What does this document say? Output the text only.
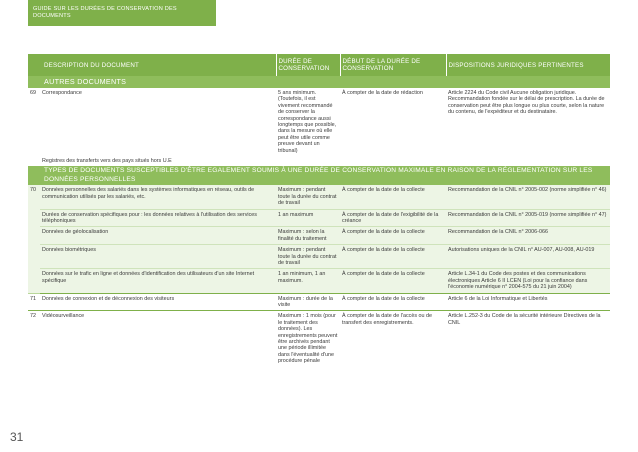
GUIDE SUR LES DURÉES DE CONSERVATION DES DOCUMENTS
DESCRIPTION DU DOCUMENT		DURÉE DE CONSERVATION	DÉBUT DE LA DURÉE DE CONSERVATION	DISPOSITIONS JURIDIQUES PERTINENTES
	AUTRES DOCUMENTS			
69	Correspondance	5 ans minimum. (Toutefois, il est vivement recommandé de conserver la correspondance aussi longtemps que possible, dans la mesure où elle peut être utile comme preuve devant un tribunal)	À compter de la date de rédaction	Article 2224 du Code civil Aucune obligation juridique. Recommandation fondée sur le délai de prescription. La durée de conservation peut être plus longue ou plus courte, selon la nature du contenu, de l'expéditeur et du destinataire.
	Registres des transferts vers des pays situés hors U.E			
	TYPES DE DOCUMENTS SUSCEPTIBLES D'ÊTRE EGALEMENT SOUMIS À UNE DURÉE DE CONSERVATION MAXIMALE EN RAISON DE LA RÉGLEMENTATION SUR LES DONNÉES PERSONNELLES			
70	Données personnelles des salariés dans les systèmes informatiques en réseau, outils de communication utilisés par les salariés, etc.	Maximum : pendant toute la durée du contrat de travail	À compter de la date de la collecte	Recommandation de la CNIL n° 2005-002 (norme simplifiée n° 46)
	Durées de conservation spécifiques pour : les données relatives à l'utilisation des services téléphoniques	1 an maximum	À compter de la date de l'exigibilité de la créance	Recommandation de la CNIL n° 2005-019 (norme simplifiée n° 47)
	Données de géolocalisation	Maximum : selon la finalité du traitement	À compter de la date de la collecte	Recommandation de la CNIL n° 2006-066
	Données biométriques	Maximum : pendant toute la durée du contrat de travail	À compter de la date de la collecte	Autorisations uniques de la CNIL n° AU-007, AU-008, AU-019
	Données sur le trafic en ligne et données d'identification des utilisateurs d'un site Internet spécifique	1 an minimum, 1 an maximum.	À compter de la date de la collecte	Article L.34-1 du Code des postes et des communications électroniques Article 6 II LCEN (Loi pour la confiance dans l'économie numérique n° 2004-575 du 21 juin 2004)
71	Données de connexion et de déconnexion des visiteurs	Maximum : durée de la visite	À compter de la date de la collecte	Article 6 de la Loi Informatique et Libertés
72	Vidéosurveillance	Maximum : 1 mois (pour le traitement des données). Les enregistrements peuvent être archivés pendant une période illimitée dans l'éventualité d'une procédure pénale	À compter de la date de l'accès ou de transfert des enregistrements.	Article L.252-3 du Code de la sécurité intérieure Directives de la CNIL
31
